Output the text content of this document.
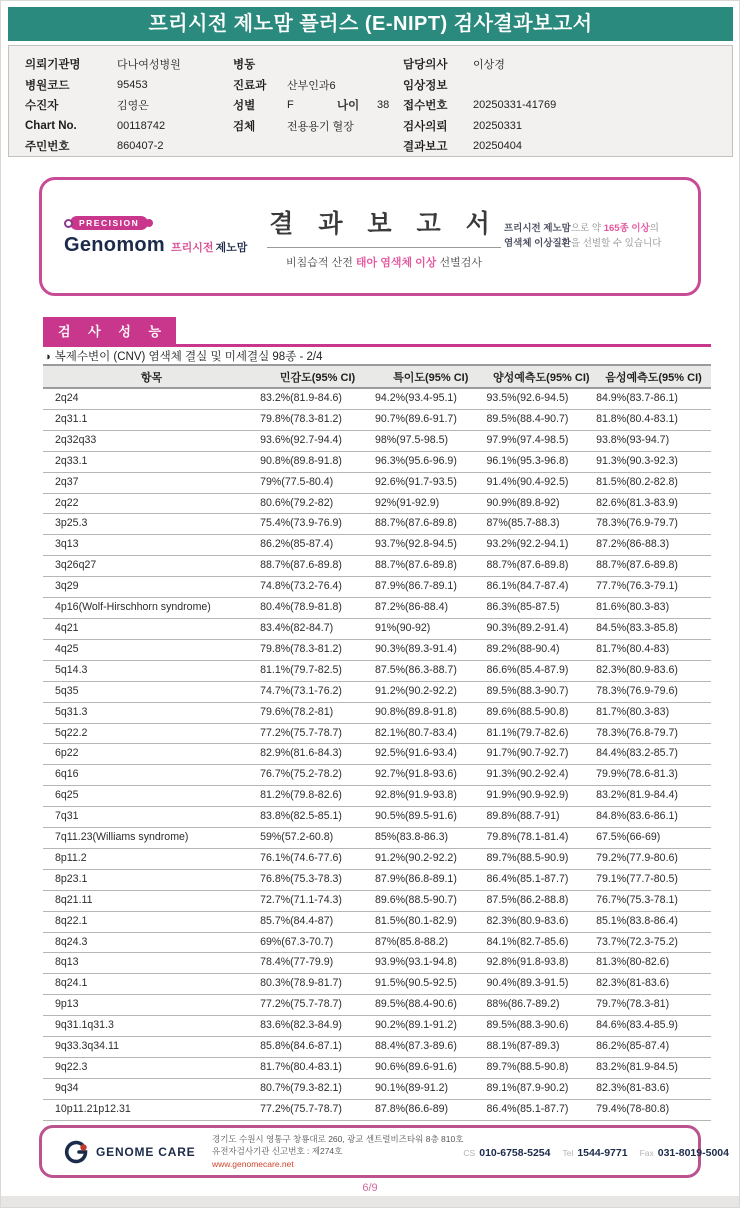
프리시전 제노맘 플러스 (E-NIPT) 검사결과보고서
의뢰기관명	다나여성병원
병원코드	95453
수진자	김영은
Chart No.	00118742
주민번호	860407-2
병동
진료과	산부인과6
성별	F	나이	38
검체	전용용기 혈장
담당의사	이상경
임상정보
접수번호	20250331-41769
검사의뢰	20250331
결과보고	20250404
PRECISION
Genomom 프리시전 제노맘
결 과 보 고 서
비침습적 산전 태아 염색체 이상 선별검사
프리시전 제노맘으로 약 165종 이상의
염색체 이상질환을 선별할 수 있습니다
검 사 성 능
◑ 복제수변이 (CNV) 염색체 결실 및 미세결실 98종 - 2/4
항목	민감도(95% CI)	특이도(95% CI)	양성예측도(95% CI)	음성예측도(95% CI)
2q24	83.2%(81.9-84.6)	94.2%(93.4-95.1)	93.5%(92.6-94.5)	84.9%(83.7-86.1)
2q31.1	79.8%(78.3-81.2)	90.7%(89.6-91.7)	89.5%(88.4-90.7)	81.8%(80.4-83.1)
2q32q33	93.6%(92.7-94.4)	98%(97.5-98.5)	97.9%(97.4-98.5)	93.8%(93-94.7)
2q33.1	90.8%(89.8-91.8)	96.3%(95.6-96.9)	96.1%(95.3-96.8)	91.3%(90.3-92.3)
2q37	79%(77.5-80.4)	92.6%(91.7-93.5)	91.4%(90.4-92.5)	81.5%(80.2-82.8)
2q22	80.6%(79.2-82)	92%(91-92.9)	90.9%(89.8-92)	82.6%(81.3-83.9)
3p25.3	75.4%(73.9-76.9)	88.7%(87.6-89.8)	87%(85.7-88.3)	78.3%(76.9-79.7)
3q13	86.2%(85-87.4)	93.7%(92.8-94.5)	93.2%(92.2-94.1)	87.2%(86-88.3)
3q26q27	88.7%(87.6-89.8)	88.7%(87.6-89.8)	88.7%(87.6-89.8)	88.7%(87.6-89.8)
3q29	74.8%(73.2-76.4)	87.9%(86.7-89.1)	86.1%(84.7-87.4)	77.7%(76.3-79.1)
4p16(Wolf-Hirschhorn syndrome)	80.4%(78.9-81.8)	87.2%(86-88.4)	86.3%(85-87.5)	81.6%(80.3-83)
4q21	83.4%(82-84.7)	91%(90-92)	90.3%(89.2-91.4)	84.5%(83.3-85.8)
4q25	79.8%(78.3-81.2)	90.3%(89.3-91.4)	89.2%(88-90.4)	81.7%(80.4-83)
5q14.3	81.1%(79.7-82.5)	87.5%(86.3-88.7)	86.6%(85.4-87.9)	82.3%(80.9-83.6)
5q35	74.7%(73.1-76.2)	91.2%(90.2-92.2)	89.5%(88.3-90.7)	78.3%(76.9-79.6)
5q31.3	79.6%(78.2-81)	90.8%(89.8-91.8)	89.6%(88.5-90.8)	81.7%(80.3-83)
5q22.2	77.2%(75.7-78.7)	82.1%(80.7-83.4)	81.1%(79.7-82.6)	78.3%(76.8-79.7)
6p22	82.9%(81.6-84.3)	92.5%(91.6-93.4)	91.7%(90.7-92.7)	84.4%(83.2-85.7)
6q16	76.7%(75.2-78.2)	92.7%(91.8-93.6)	91.3%(90.2-92.4)	79.9%(78.6-81.3)
6q25	81.2%(79.8-82.6)	92.8%(91.9-93.8)	91.9%(90.9-92.9)	83.2%(81.9-84.4)
7q31	83.8%(82.5-85.1)	90.5%(89.5-91.6)	89.8%(88.7-91)	84.8%(83.6-86.1)
7q11.23(Williams syndrome)	59%(57.2-60.8)	85%(83.8-86.3)	79.8%(78.1-81.4)	67.5%(66-69)
8p11.2	76.1%(74.6-77.6)	91.2%(90.2-92.2)	89.7%(88.5-90.9)	79.2%(77.9-80.6)
8p23.1	76.8%(75.3-78.3)	87.9%(86.8-89.1)	86.4%(85.1-87.7)	79.1%(77.7-80.5)
8q21.11	72.7%(71.1-74.3)	89.6%(88.5-90.7)	87.5%(86.2-88.8)	76.7%(75.3-78.1)
8q22.1	85.7%(84.4-87)	81.5%(80.1-82.9)	82.3%(80.9-83.6)	85.1%(83.8-86.4)
8q24.3	69%(67.3-70.7)	87%(85.8-88.2)	84.1%(82.7-85.6)	73.7%(72.3-75.2)
8q13	78.4%(77-79.9)	93.9%(93.1-94.8)	92.8%(91.8-93.8)	81.3%(80-82.6)
8q24.1	80.3%(78.9-81.7)	91.5%(90.5-92.5)	90.4%(89.3-91.5)	82.3%(81-83.6)
9p13	77.2%(75.7-78.7)	89.5%(88.4-90.6)	88%(86.7-89.2)	79.7%(78.3-81)
9q31.1q31.3	83.6%(82.3-84.9)	90.2%(89.1-91.2)	89.5%(88.3-90.6)	84.6%(83.4-85.9)
9q33.3q34.11	85.8%(84.6-87.1)	88.4%(87.3-89.6)	88.1%(87-89.3)	86.2%(85-87.4)
9q22.3	81.7%(80.4-83.1)	90.6%(89.6-91.6)	89.7%(88.5-90.8)	83.2%(81.9-84.5)
9q34	80.7%(79.3-82.1)	90.1%(89-91.2)	89.1%(87.9-90.2)	82.3%(81-83.6)
10p11.21p12.31	77.2%(75.7-78.7)	87.8%(86.6-89)	86.4%(85.1-87.7)	79.4%(78-80.8)
GENOME CARE
경기도 수원시 영통구 창룡대로 260, 광교 센트럴비즈타워 8층 810호
유전자검사기관 신고번호 : 제274호
www.genomecare.net
CS 010-6758-5254 Tel 1544-9771 Fax 031-8019-5004
6/9
